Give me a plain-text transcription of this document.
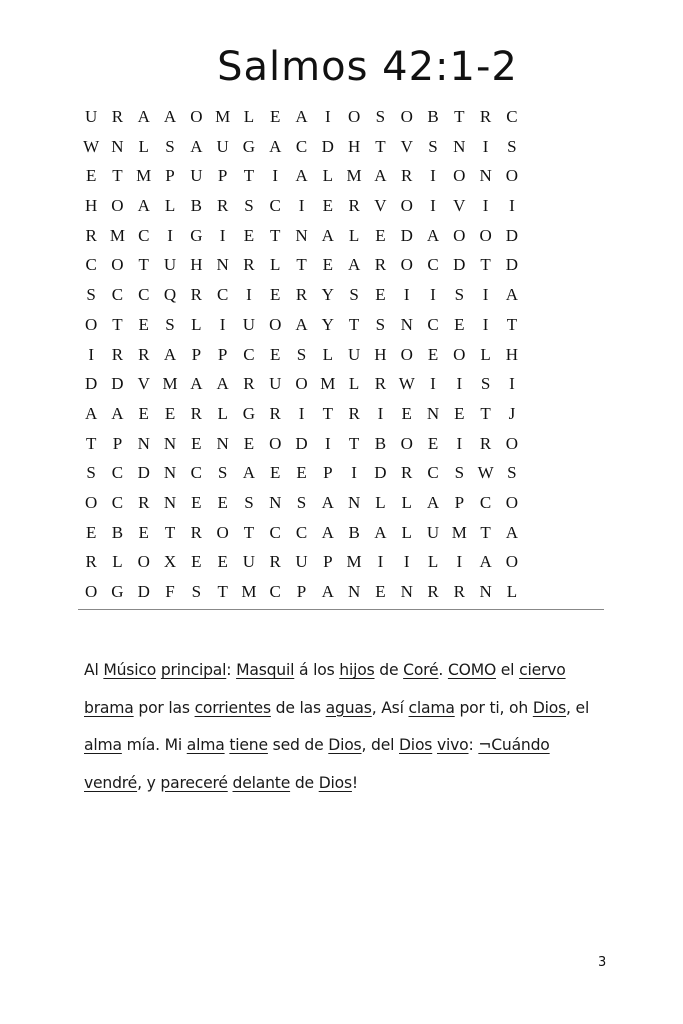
Salmos 42:1-2
U R A A O M L E A	I	O S O B T R C
W N L S A U G A C D H T V S N	I	S
E T M P U P T	I	A L M A R	I	O N O
H O A L B R S C	I	E R V O	I	V	I	I
R M C	I	G	I	E T N A L E D A O O D
C O T U H N R L T E A R O C D T D
S C C Q R C	I	E R Y S E	I	I	S	I	A
O T E S L	I	U O A Y T S N C E	I	T
I	R R A P P C E S L U H O E O L H
D D V M A A R U O M L R W I	I	S	I
A A E E R L G R	I	T R	I	E N E T	J
T P N N E N E O D	I	T B O E	I	R O
S C D N C S A E E P	I	D R C S W S
O C R N E E S N S A N L L A P C O
E B E T R O T C C A B A L U M T A
R L O X E E U R U P M I	I	L	I	A O
O G D F S T M C P A N E N R R N L
Al Músico principal: Masquil á los hijos de Coré. COMO el ciervo brama por las corrientes de las aguas, Así clama por ti, oh Dios, el alma mía. Mi alma tiene sed de Dios, del Dios vivo: ¬Cuándo vendré, y pareceré delante de Dios!
3
